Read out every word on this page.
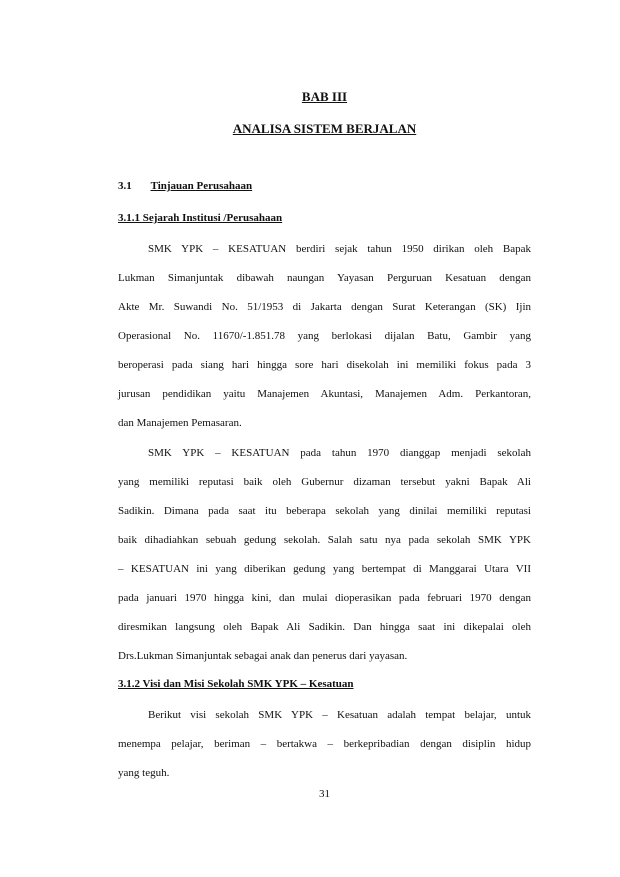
BAB III
ANALISA SISTEM BERJALAN
3.1 Tinjauan Perusahaan
3.1.1 Sejarah Institusi /Perusahaan
SMK YPK – KESATUAN berdiri sejak tahun 1950 dirikan oleh Bapak
Lukman Simanjuntak dibawah naungan Yayasan Perguruan Kesatuan dengan
Akte Mr. Suwandi No. 51/1953 di Jakarta dengan Surat Keterangan (SK) Ijin
Operasional No. 11670/-1.851.78 yang berlokasi dijalan Batu, Gambir yang
beroperasi pada siang hari hingga sore hari disekolah ini memiliki fokus pada 3
jurusan pendidikan yaitu Manajemen Akuntasi, Manajemen Adm. Perkantoran,
dan Manajemen Pemasaran.
SMK YPK – KESATUAN pada tahun 1970 dianggap menjadi sekolah
yang memiliki reputasi baik oleh Gubernur dizaman tersebut yakni Bapak Ali
Sadikin. Dimana pada saat itu beberapa sekolah yang dinilai memiliki reputasi
baik dihadiahkan sebuah gedung sekolah. Salah satu nya pada sekolah SMK YPK
– KESATUAN ini yang diberikan gedung yang bertempat di Manggarai Utara VII
pada januari 1970 hingga kini, dan mulai dioperasikan pada februari 1970 dengan
diresmikan langsung oleh Bapak Ali Sadikin. Dan hingga saat ini dikepalai oleh
Drs.Lukman Simanjuntak sebagai anak dan penerus dari yayasan.
3.1.2 Visi dan Misi Sekolah SMK YPK – Kesatuan
Berikut visi sekolah SMK YPK – Kesatuan adalah tempat belajar, untuk
menempa pelajar, beriman – bertakwa – berkepribadian dengan disiplin hidup
yang teguh.
31
